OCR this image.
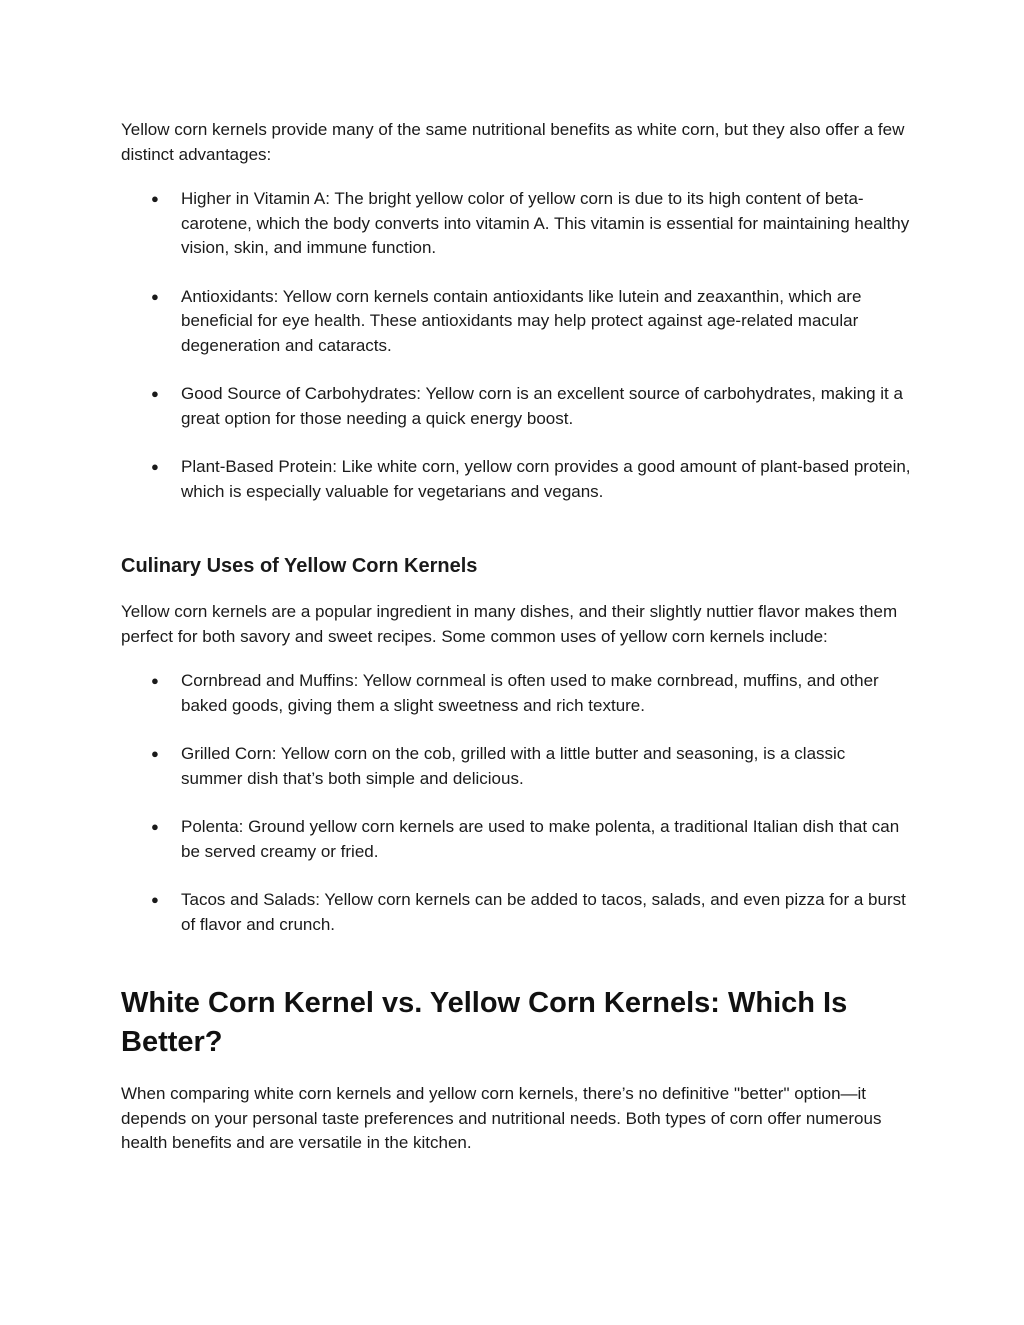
Yellow corn kernels provide many of the same nutritional benefits as white corn, but they also offer a few distinct advantages:

● Higher in Vitamin A: The bright yellow color of yellow corn is due to its high content of beta-carotene, which the body converts into vitamin A. This vitamin is essential for maintaining healthy vision, skin, and immune function.
● Antioxidants: Yellow corn kernels contain antioxidants like lutein and zeaxanthin, which are beneficial for eye health. These antioxidants may help protect against age-related macular degeneration and cataracts.
● Good Source of Carbohydrates: Yellow corn is an excellent source of carbohydrates, making it a great option for those needing a quick energy boost.
● Plant-Based Protein: Like white corn, yellow corn provides a good amount of plant-based protein, which is especially valuable for vegetarians and vegans.
Culinary Uses of Yellow Corn Kernels

Yellow corn kernels are a popular ingredient in many dishes, and their slightly nuttier flavor makes them perfect for both savory and sweet recipes. Some common uses of yellow corn kernels include:

● Cornbread and Muffins: Yellow cornmeal is often used to make cornbread, muffins, and other baked goods, giving them a slight sweetness and rich texture.
● Grilled Corn: Yellow corn on the cob, grilled with a little butter and seasoning, is a classic summer dish that’s both simple and delicious.
● Polenta: Ground yellow corn kernels are used to make polenta, a traditional Italian dish that can be served creamy or fried.
● Tacos and Salads: Yellow corn kernels can be added to tacos, salads, and even pizza for a burst of flavor and crunch.
White Corn Kernel vs. Yellow Corn Kernels: Which Is Better?

When comparing white corn kernels and yellow corn kernels, there’s no definitive "better" option—it depends on your personal taste preferences and nutritional needs. Both types of corn offer numerous health benefits and are versatile in the kitchen.
